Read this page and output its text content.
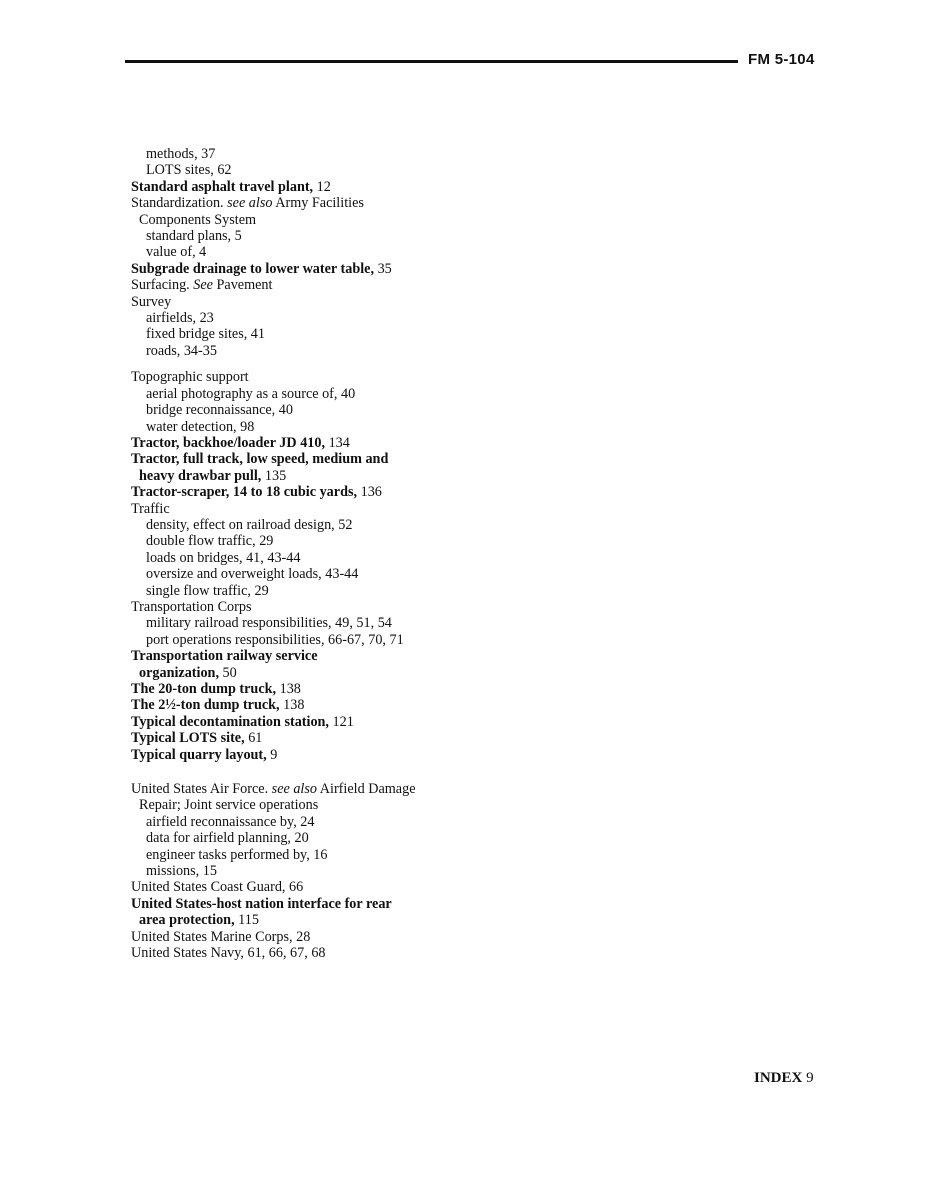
FM 5-104
methods, 37
LOTS sites, 62
Standard asphalt travel plant, 12
Standardization. see also Army Facilities
Components System
standard plans, 5
value of, 4
Subgrade drainage to lower water table, 35
Surfacing. See Pavement
Survey
airfields, 23
fixed bridge sites, 41
roads, 34-35
Topographic support
aerial photography as a source of, 40
bridge reconnaissance, 40
water detection, 98
Tractor, backhoe/loader JD 410, 134
Tractor, full track, low speed, medium and
heavy drawbar pull, 135
Tractor-scraper, 14 to 18 cubic yards, 136
Traffic
density, effect on railroad design, 52
double flow traffic, 29
loads on bridges, 41, 43-44
oversize and overweight loads, 43-44
single flow traffic, 29
Transportation Corps
military railroad responsibilities, 49, 51, 54
port operations responsibilities, 66-67, 70, 71
Transportation railway service
organization, 50
The 20-ton dump truck, 138
The 2½-ton dump truck, 138
Typical decontamination station, 121
Typical LOTS site, 61
Typical quarry layout, 9
United States Air Force. see also Airfield Damage
Repair; Joint service operations
airfield reconnaissance by, 24
data for airfield planning, 20
engineer tasks performed by, 16
missions, 15
United States Coast Guard, 66
United States-host nation interface for rear
area protection, 115
United States Marine Corps, 28
United States Navy, 61, 66, 67, 68
INDEX 9
